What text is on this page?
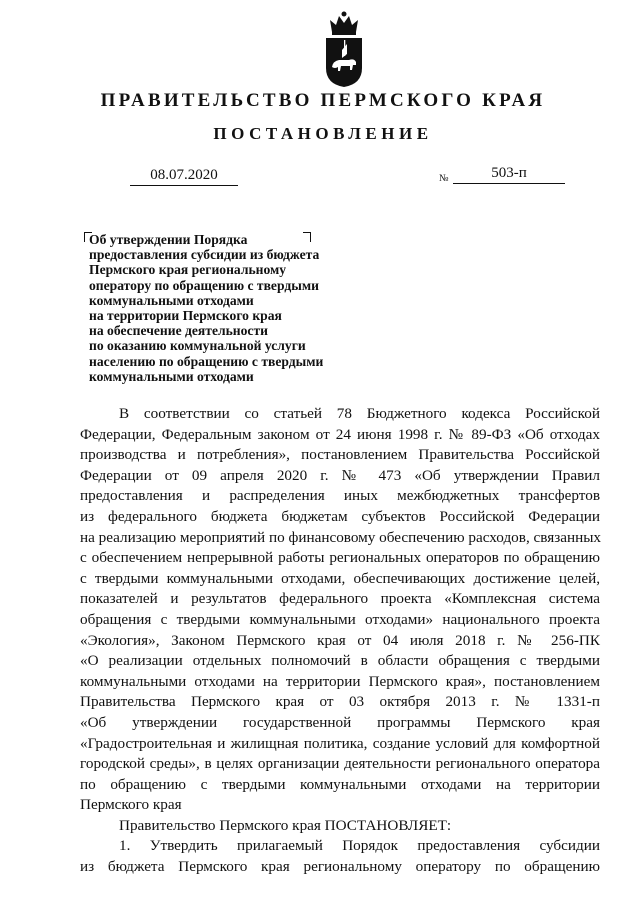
ПРАВИТЕЛЬСТВО ПЕРМСКОГО КРАЯ
ПОСТАНОВЛЕНИЕ
08.07.2020	№	503-п
Об утверждении Порядка
предоставления субсидии из бюджета
Пермского края региональному
оператору по обращению с твердыми
коммунальными отходами
на территории Пермского края
на обеспечение деятельности
по оказанию коммунальной услуги
населению по обращению с твердыми
коммунальными отходами
В соответствии со статьей 78 Бюджетного кодекса Российской
Федерации, Федеральным законом от 24 июня 1998 г. № 89-ФЗ «Об отходах
производства и потребления», постановлением Правительства Российской
Федерации от 09 апреля 2020 г. № 473 «Об утверждении Правил
предоставления и распределения иных межбюджетных трансфертов
из федерального бюджета бюджетам субъектов Российской Федерации
на реализацию мероприятий по финансовому обеспечению расходов, связанных
с обеспечением непрерывной работы региональных операторов по обращению
с твердыми коммунальными отходами, обеспечивающих достижение целей,
показателей и результатов федерального проекта «Комплексная система
обращения с твердыми коммунальными отходами» национального проекта
«Экология», Законом Пермского края от 04 июля 2018 г. № 256-ПК
«О реализации отдельных полномочий в области обращения с твердыми
коммунальными отходами на территории Пермского края», постановлением
Правительства Пермского края от 03 октября 2013 г. № 1331-п
«Об утверждении государственной программы Пермского края
«Градостроительная и жилищная политика, создание условий для комфортной
городской среды», в целях организации деятельности регионального оператора
по обращению с твердыми коммунальными отходами на территории
Пермского края
Правительство Пермского края ПОСТАНОВЛЯЕТ:
1. Утвердить прилагаемый Порядок предоставления субсидии
из бюджета Пермского края региональному оператору по обращению
